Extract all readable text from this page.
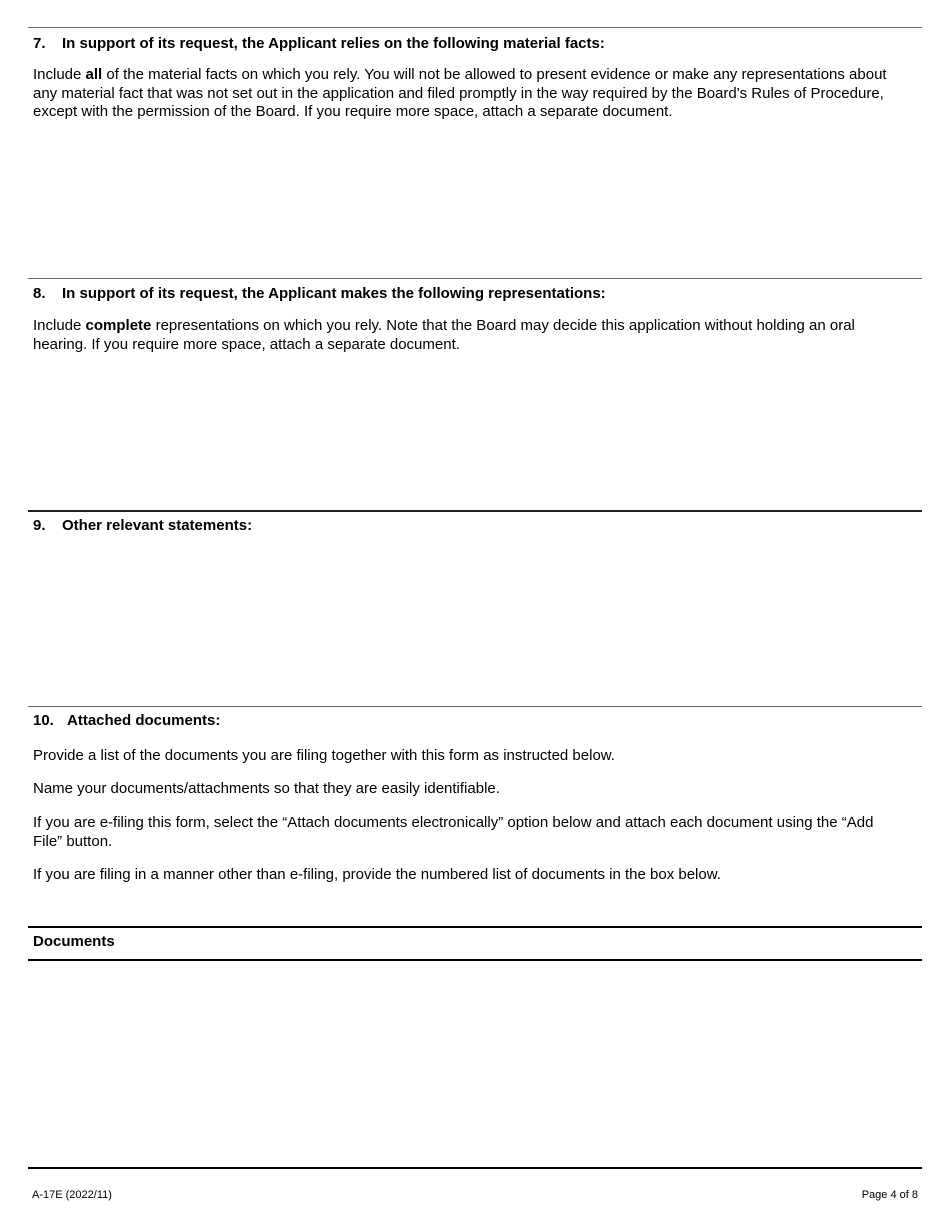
7. In support of its request, the Applicant relies on the following material facts:
Include all of the material facts on which you rely. You will not be allowed to present evidence or make any representations about any material fact that was not set out in the application and filed promptly in the way required by the Board's Rules of Procedure, except with the permission of the Board. If you require more space, attach a separate document.
8. In support of its request, the Applicant makes the following representations:
Include complete representations on which you rely. Note that the Board may decide this application without holding an oral hearing. If you require more space, attach a separate document.
9. Other relevant statements:
10. Attached documents:
Provide a list of the documents you are filing together with this form as instructed below.
Name your documents/attachments so that they are easily identifiable.
If you are e-filing this form, select the “Attach documents electronically” option below and attach each document using the “Add File” button.
If you are filing in a manner other than e-filing, provide the numbered list of documents in the box below.
Documents
A-17E (2022/11)	Page 4 of 8
